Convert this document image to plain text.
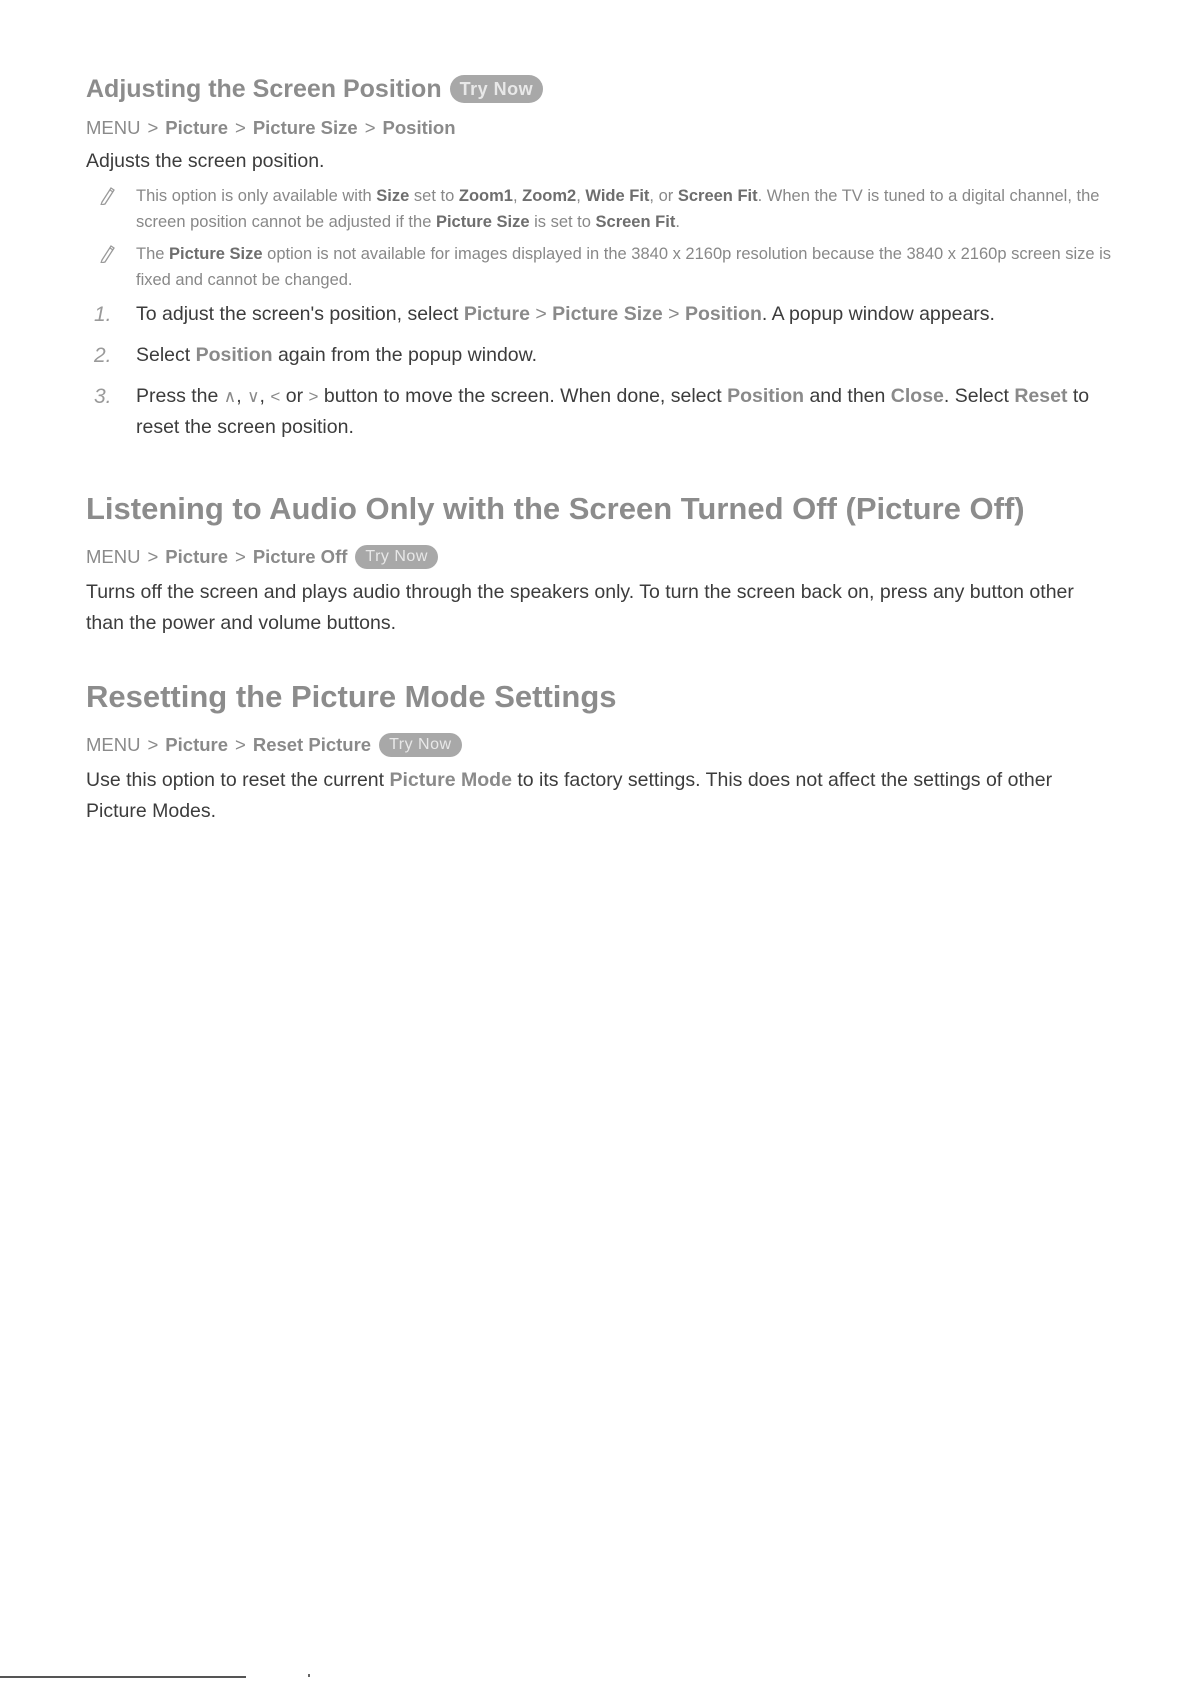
Adjusting the Screen Position	Try Now
MENU > Picture > Picture Size > Position

Adjusts the screen position.

This option is only available with Size set to Zoom1, Zoom2, Wide Fit, or Screen Fit. When the TV is tuned to a digital channel, the screen position cannot be adjusted if the Picture Size is set to Screen Fit.

The Picture Size option is not available for images displayed in the 3840 x 2160p resolution because the 3840 x 2160p screen size is fixed and cannot be changed.

1. To adjust the screen's position, select Picture > Picture Size > Position. A popup window appears.

2. Select Position again from the popup window.

3. Press the ∧, ∨, < or > button to move the screen. When done, select Position and then Close. Select Reset to reset the screen position.

Listening to Audio Only with the Screen Turned Off (Picture Off)
MENU > Picture > Picture Off	Try Now

Turns off the screen and plays audio through the speakers only. To turn the screen back on, press any button other than the power and volume buttons.

Resetting the Picture Mode Settings
MENU > Picture > Reset Picture	Try Now

Use this option to reset the current Picture Mode to its factory settings. This does not affect the settings of other Picture Modes.
